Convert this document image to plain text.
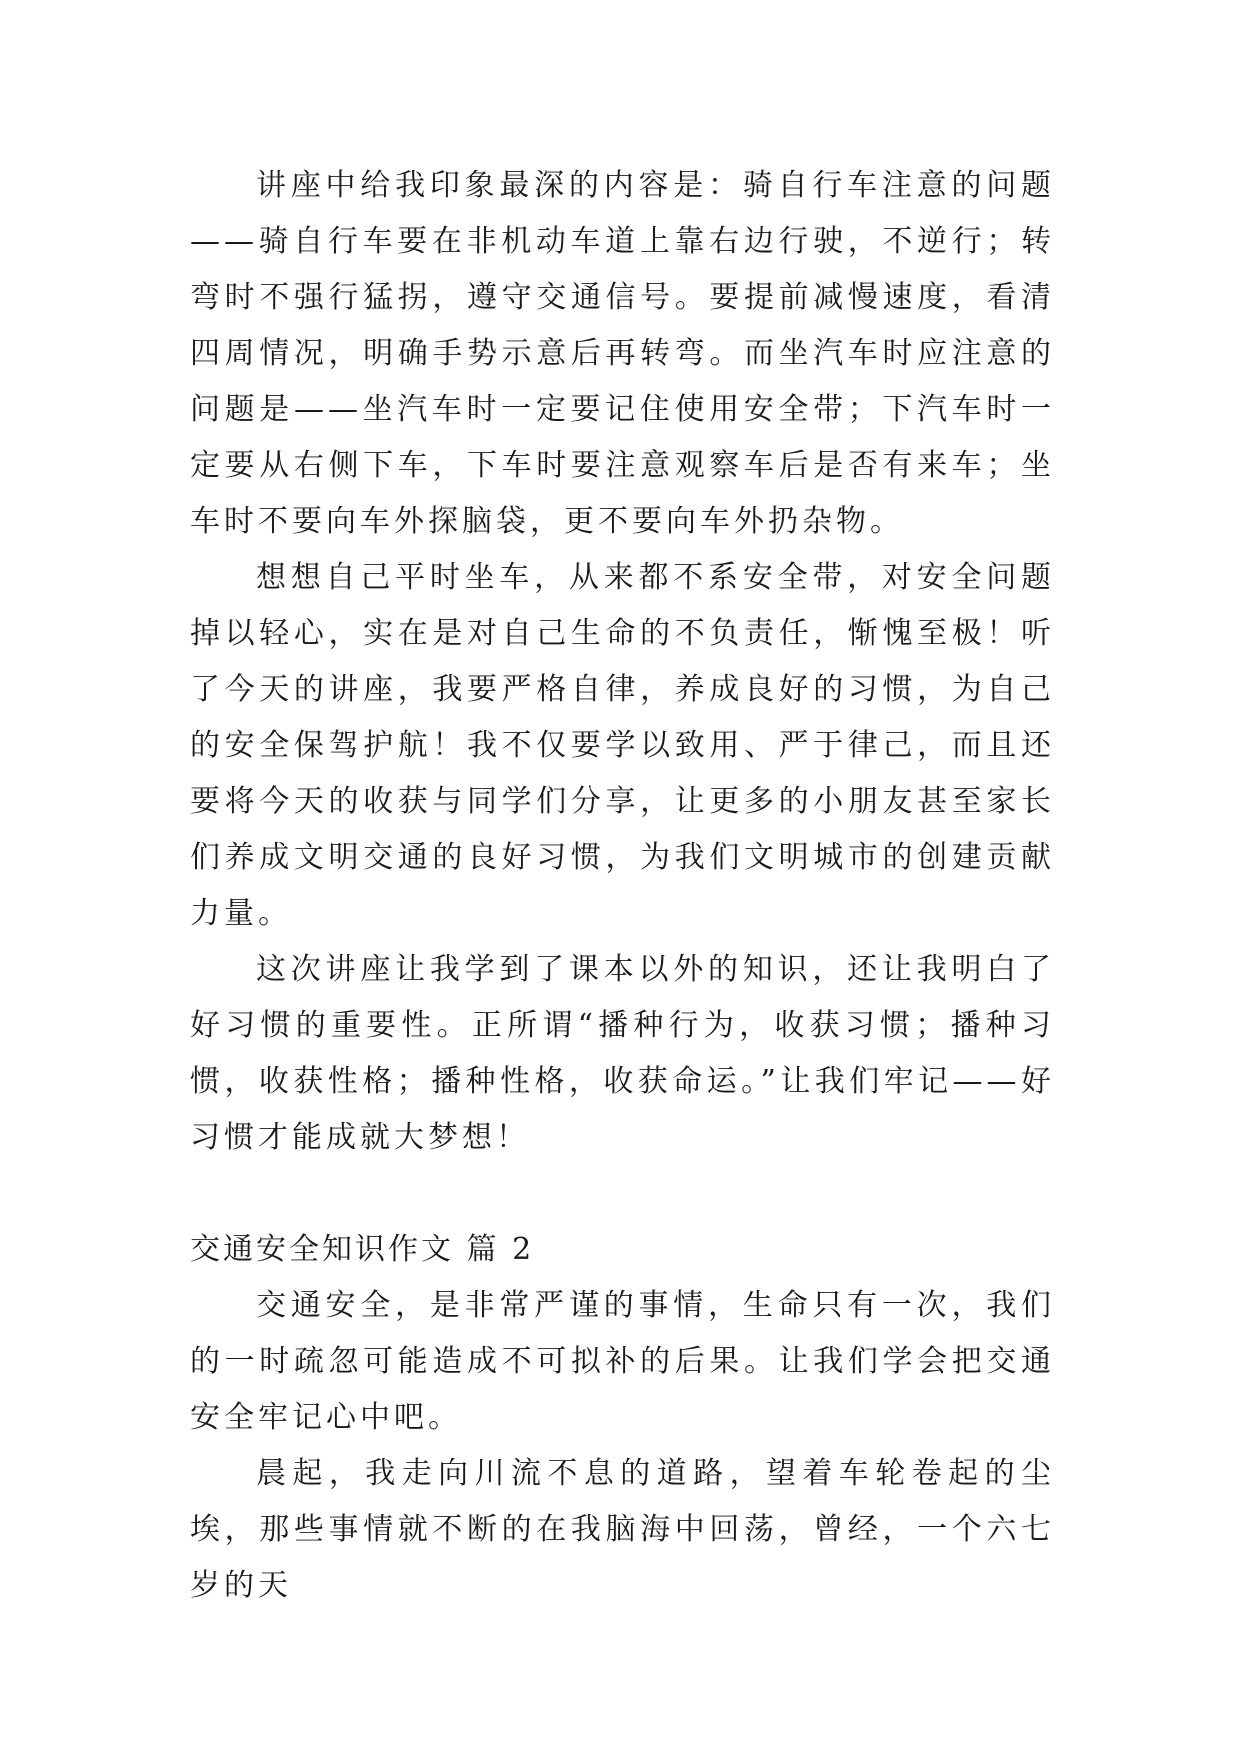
讲座中给我印象最深的内容是：骑自行车注意的问题——骑自行车要在非机动车道上靠右边行驶，不逆行；转弯时不强行猛拐，遵守交通信号。要提前减慢速度，看清四周情况，明确手势示意后再转弯。而坐汽车时应注意的问题是——坐汽车时一定要记住使用安全带；下汽车时一定要从右侧下车，下车时要注意观察车后是否有来车；坐车时不要向车外探脑袋，更不要向车外扔杂物。

想想自己平时坐车，从来都不系安全带，对安全问题掉以轻心，实在是对自己生命的不负责任，惭愧至极！听了今天的讲座，我要严格自律，养成良好的习惯，为自己的安全保驾护航！我不仅要学以致用、严于律己，而且还要将今天的收获与同学们分享，让更多的小朋友甚至家长们养成文明交通的良好习惯，为我们文明城市的创建贡献力量。

这次讲座让我学到了课本以外的知识，还让我明白了好习惯的重要性。正所谓“播种行为，收获习惯；播种习惯，收获性格；播种性格，收获命运。”让我们牢记——好习惯才能成就大梦想！

交通安全知识作文 篇 2

交通安全，是非常严谨的事情，生命只有一次，我们的一时疏忽可能造成不可拟补的后果。让我们学会把交通安全牢记心中吧。

晨起，我走向川流不息的道路，望着车轮卷起的尘埃，那些事情就不断的在我脑海中回荡，曾经，一个六七岁的天
